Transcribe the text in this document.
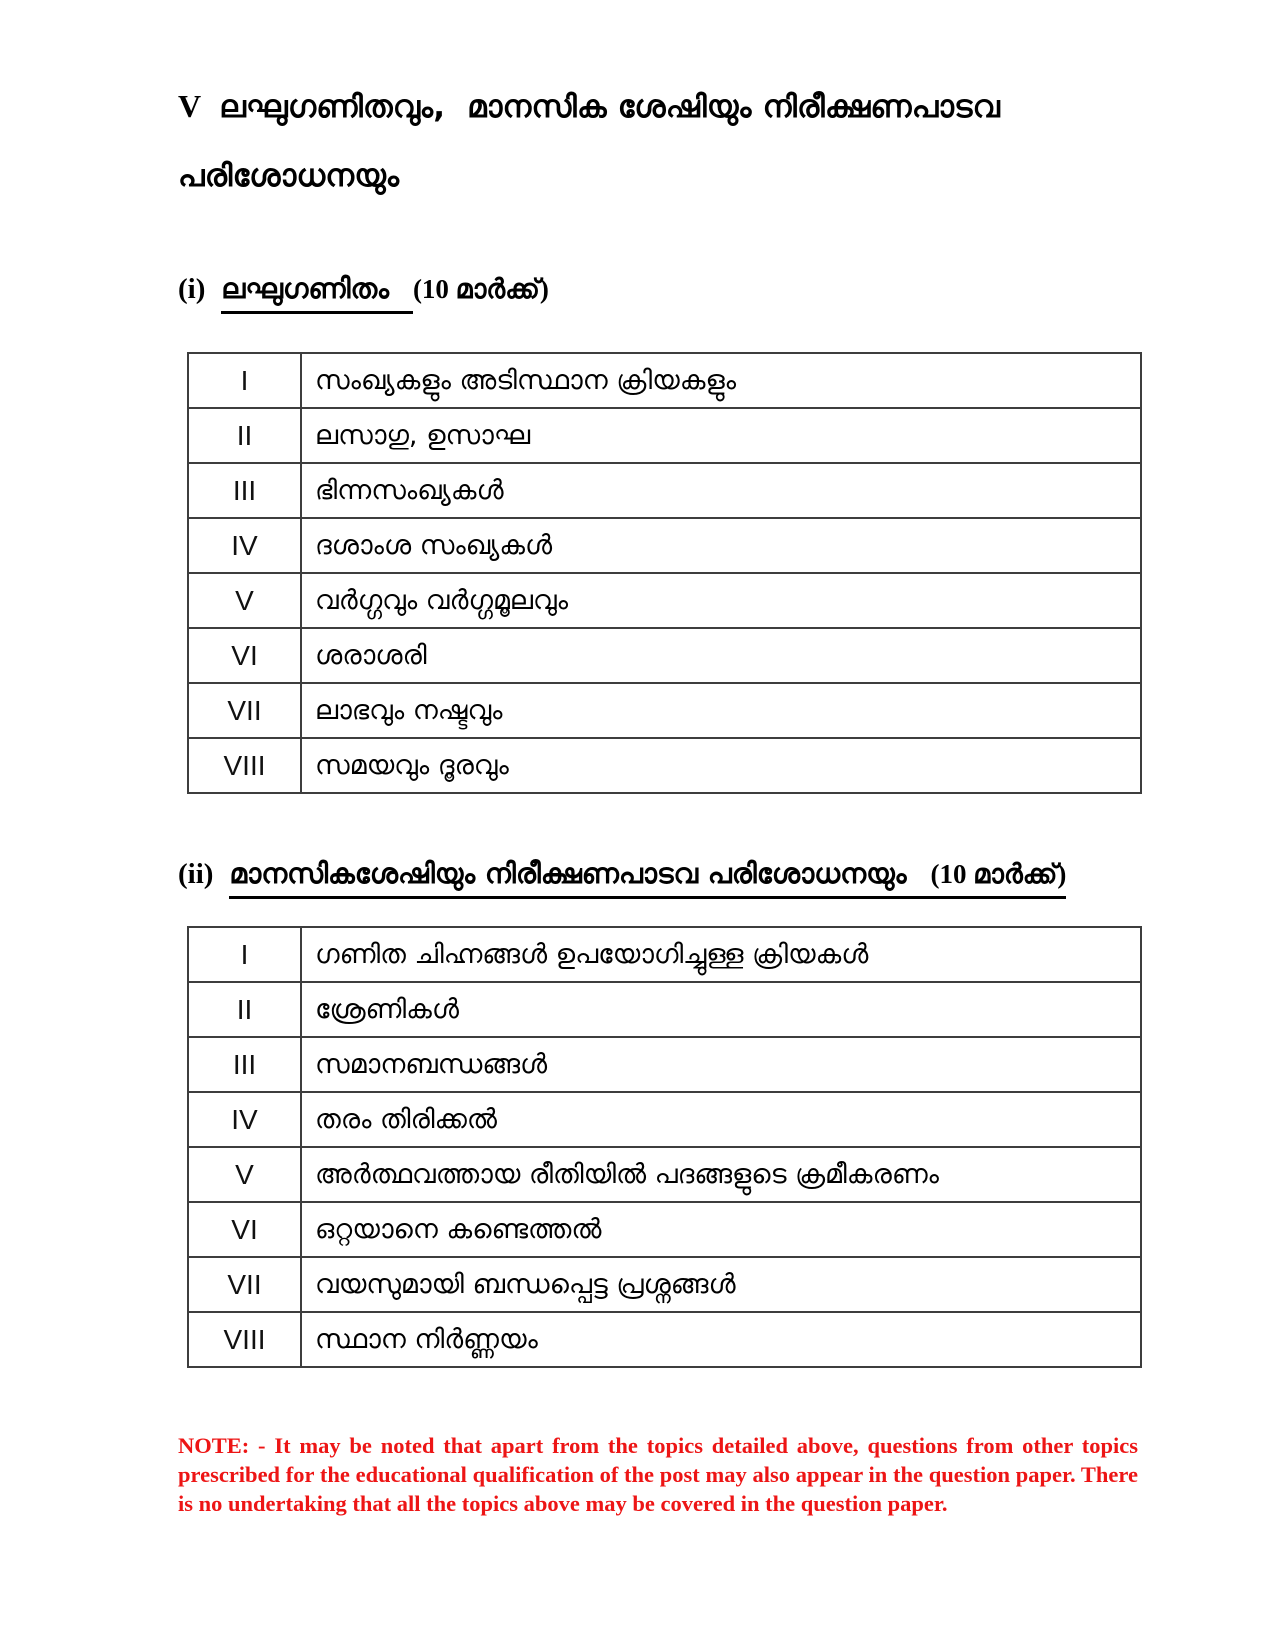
V ലഘുഗണിതവും,  മാനസിക ശേഷിയും നിരീക്ഷണപാടവ
പരിശോധനയും
(i) ലഘുഗണിതം (10 മാർക്ക്)
I	സംഖ്യകളും അടിസ്ഥാന ക്രിയകളും
II	ലസാഗു, ഉസാഘ
III	ഭിന്നസംഖ്യകൾ
IV	ദശാംശ സംഖ്യകൾ
V	വർഗ്ഗവും വർഗ്ഗമൂലവും
VI	ശരാശരി
VII	ലാഭവും നഷ്ടവും
VIII	സമയവും ദൂരവും
(ii) മാനസികശേഷിയും നിരീക്ഷണപാടവ പരിശോധനയും (10 മാർക്ക്)
I	ഗണിത ചിഹ്നങ്ങൾ ഉപയോഗിച്ചുള്ള ക്രിയകൾ
II	ശ്രേണികൾ
III	സമാനബന്ധങ്ങൾ
IV	തരം തിരിക്കൽ
V	അർത്ഥവത്തായ രീതിയിൽ പദങ്ങളുടെ ക്രമീകരണം
VI	ഒറ്റയാനെ കണ്ടെത്തൽ
VII	വയസുമായി ബന്ധപ്പെട്ട പ്രശ്നങ്ങൾ
VIII	സ്ഥാന നിർണ്ണയം

NOTE: - It may be noted that apart from the topics detailed above, questions from other topics prescribed for the educational qualification of the post may also appear in the question paper. There is no undertaking that all the topics above may be covered in the question paper.
